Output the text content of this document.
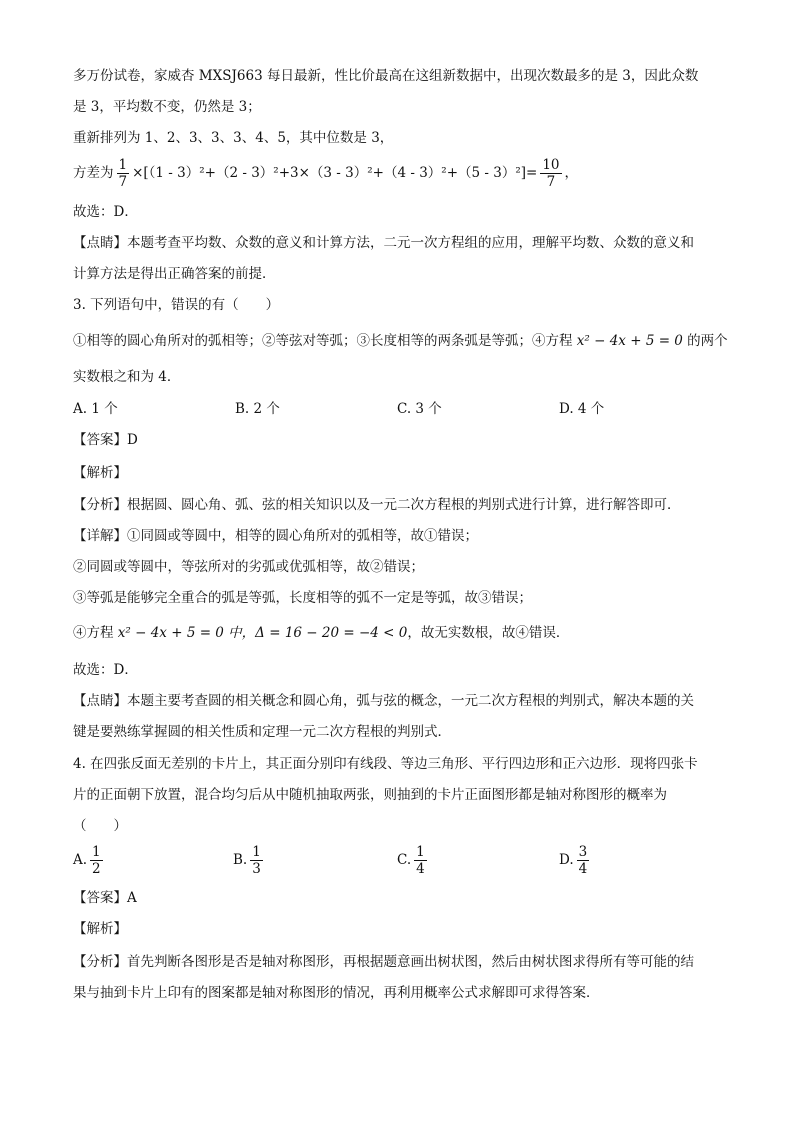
多万份试卷，家威杏 MXSJ663 每日最新，性比价最高在这组新数据中，出现次数最多的是 3，因此众数
是 3，平均数不变，仍然是 3；
重新排列为 1、2、3、3、3、4、5，其中位数是 3，
方差为 $\frac{1}{7} \times[(1 - 3)^2+(2 - 3)^2+3\times(3 - 3)^2+(4 - 3)^2+(5 - 3)^2]= \frac{10}{7}$ ，
故选：D．
【点睛】本题考查平均数、众数的意义和计算方法，二元一次方程组的应用，理解平均数、众数的意义和
计算方法是得出正确答案的前提．
3. 下列语句中，错误的有（　　）
①相等的圆心角所对的弧相等；②等弦对等弧；③长度相等的两条弧是等弧；④方程 x² − 4x + 5 = 0 的两个
实数根之和为 4．
A. 1 个	B. 2 个	C. 3 个	D. 4 个
【答案】D
【解析】
【分析】根据圆、圆心角、弧、弦的相关知识以及一元二次方程根的判别式进行计算，进行解答即可．
【详解】①同圆或等圆中，相等的圆心角所对的弧相等，故①错误；
②同圆或等圆中，等弦所对的劣弧或优弧相等，故②错误；
③等弧是能够完全重合的弧是等弧，长度相等的弧不一定是等弧，故③错误；
④方程 x² − 4x + 5 = 0 中，Δ = 16 − 20 = −4 < 0，故无实数根，故④错误．
故选：D．
【点睛】本题主要考查圆的相关概念和圆心角，弧与弦的概念，一元二次方程根的判别式，解决本题的关
键是要熟练掌握圆的相关性质和定理一元二次方程根的判别式．
4. 在四张反面无差别的卡片上，其正面分别印有线段、等边三角形、平行四边形和正六边形．现将四张卡
片的正面朝下放置，混合均匀后从中随机抽取两张，则抽到的卡片正面图形都是轴对称图形的概率为
（　　）
A. $\frac{1}{2}$	B. $\frac{1}{3}$	C. $\frac{1}{4}$	D. $\frac{3}{4}$
【答案】A
【解析】
【分析】首先判断各图形是否是轴对称图形，再根据题意画出树状图，然后由树状图求得所有等可能的结
果与抽到卡片上印有的图案都是轴对称图形的情况，再利用概率公式求解即可求得答案．
